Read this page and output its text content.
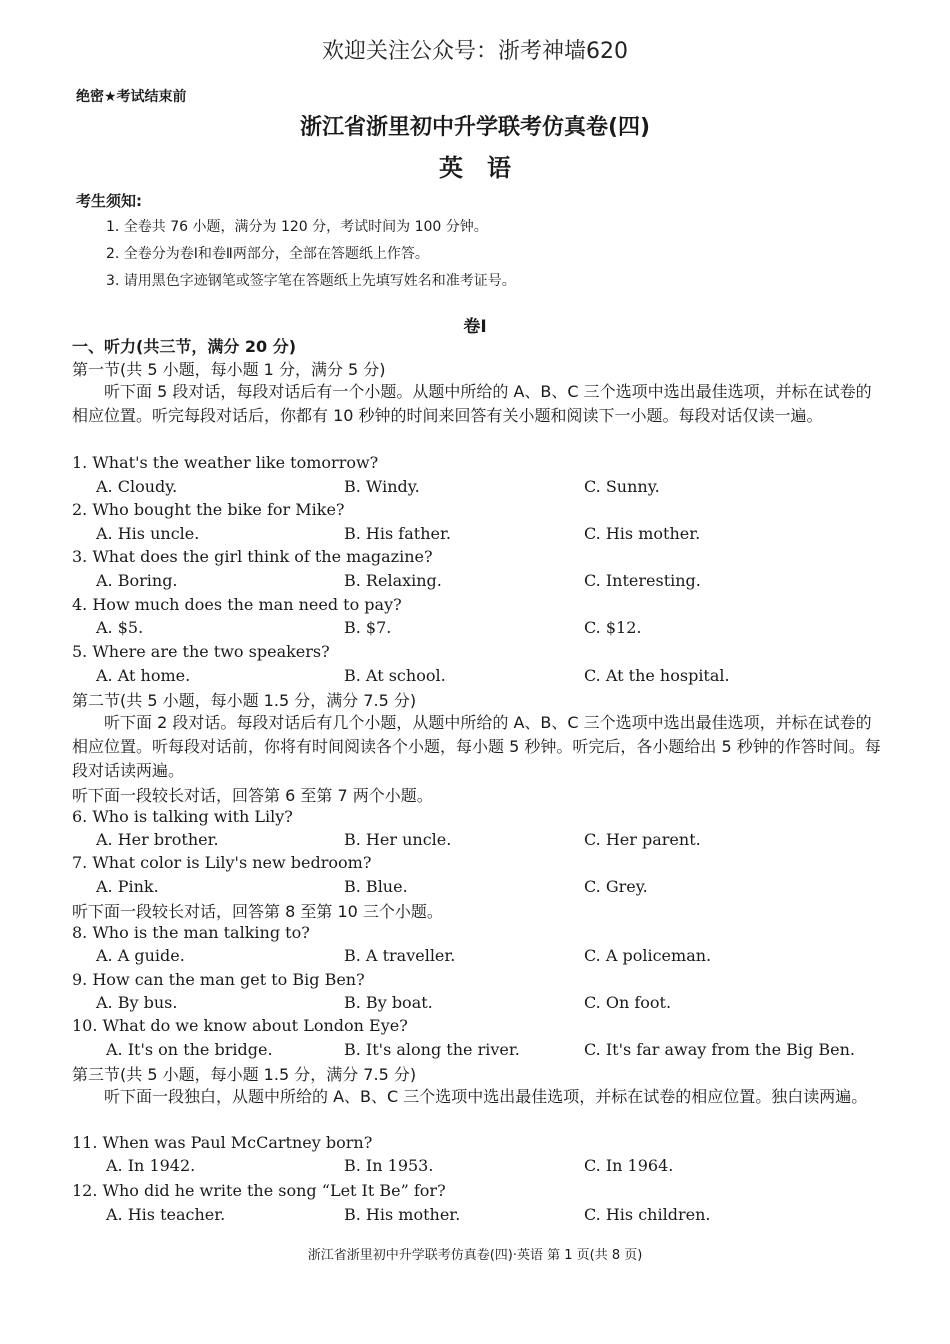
欢迎关注公众号：浙考神墙620
绝密★考试结束前
浙江省浙里初中升学联考仿真卷(四)
英语
考生须知:
1. 全卷共 76 小题，满分为 120 分，考试时间为 100 分钟。
2. 全卷分为卷Ⅰ和卷Ⅱ两部分，全部在答题纸上作答。
3. 请用黑色字迹钢笔或签字笔在答题纸上先填写姓名和准考证号。
卷Ⅰ
一、听力(共三节，满分 20 分)
第一节(共 5 小题，每小题 1 分，满分 5 分)
听下面 5 段对话，每段对话后有一个小题。从题中所给的 A、B、C 三个选项中选出最佳选项，并标在试卷的相应位置。听完每段对话后，你都有 10 秒钟的时间来回答有关小题和阅读下一小题。每段对话仅读一遍。
1. What's the weather like tomorrow?
A. Cloudy.	B. Windy.	C. Sunny.
2. Who bought the bike for Mike?
A. His uncle.	B. His father.	C. His mother.
3. What does the girl think of the magazine?
A. Boring.	B. Relaxing.	C. Interesting.
4. How much does the man need to pay?
A. $5.	B. $7.	C. $12.
5. Where are the two speakers?
A. At home.	B. At school.	C. At the hospital.
第二节(共 5 小题，每小题 1.5 分，满分 7.5 分)
听下面 2 段对话。每段对话后有几个小题，从题中所给的 A、B、C 三个选项中选出最佳选项，并标在试卷的相应位置。听每段对话前，你将有时间阅读各个小题，每小题 5 秒钟。听完后，各小题给出 5 秒钟的作答时间。每段对话读两遍。
听下面一段较长对话，回答第 6 至第 7 两个小题。
6. Who is talking with Lily?
A. Her brother.	B. Her uncle.	C. Her parent.
7. What color is Lily's new bedroom?
A. Pink.	B. Blue.	C. Grey.
听下面一段较长对话，回答第 8 至第 10 三个小题。
8. Who is the man talking to?
A. A guide.	B. A traveller.	C. A policeman.
9. How can the man get to Big Ben?
A. By bus.	B. By boat.	C. On foot.
10. What do we know about London Eye?
A. It's on the bridge.	B. It's along the river.	C. It's far away from the Big Ben.
第三节(共 5 小题，每小题 1.5 分，满分 7.5 分)
听下面一段独白，从题中所给的 A、B、C 三个选项中选出最佳选项，并标在试卷的相应位置。独白读两遍。
11. When was Paul McCartney born?
A. In 1942.	B. In 1953.	C. In 1964.
12. Who did he write the song “Let It Be” for?
A. His teacher.	B. His mother.	C. His children.
浙江省浙里初中升学联考仿真卷(四)·英语 第 1 页(共 8 页)
